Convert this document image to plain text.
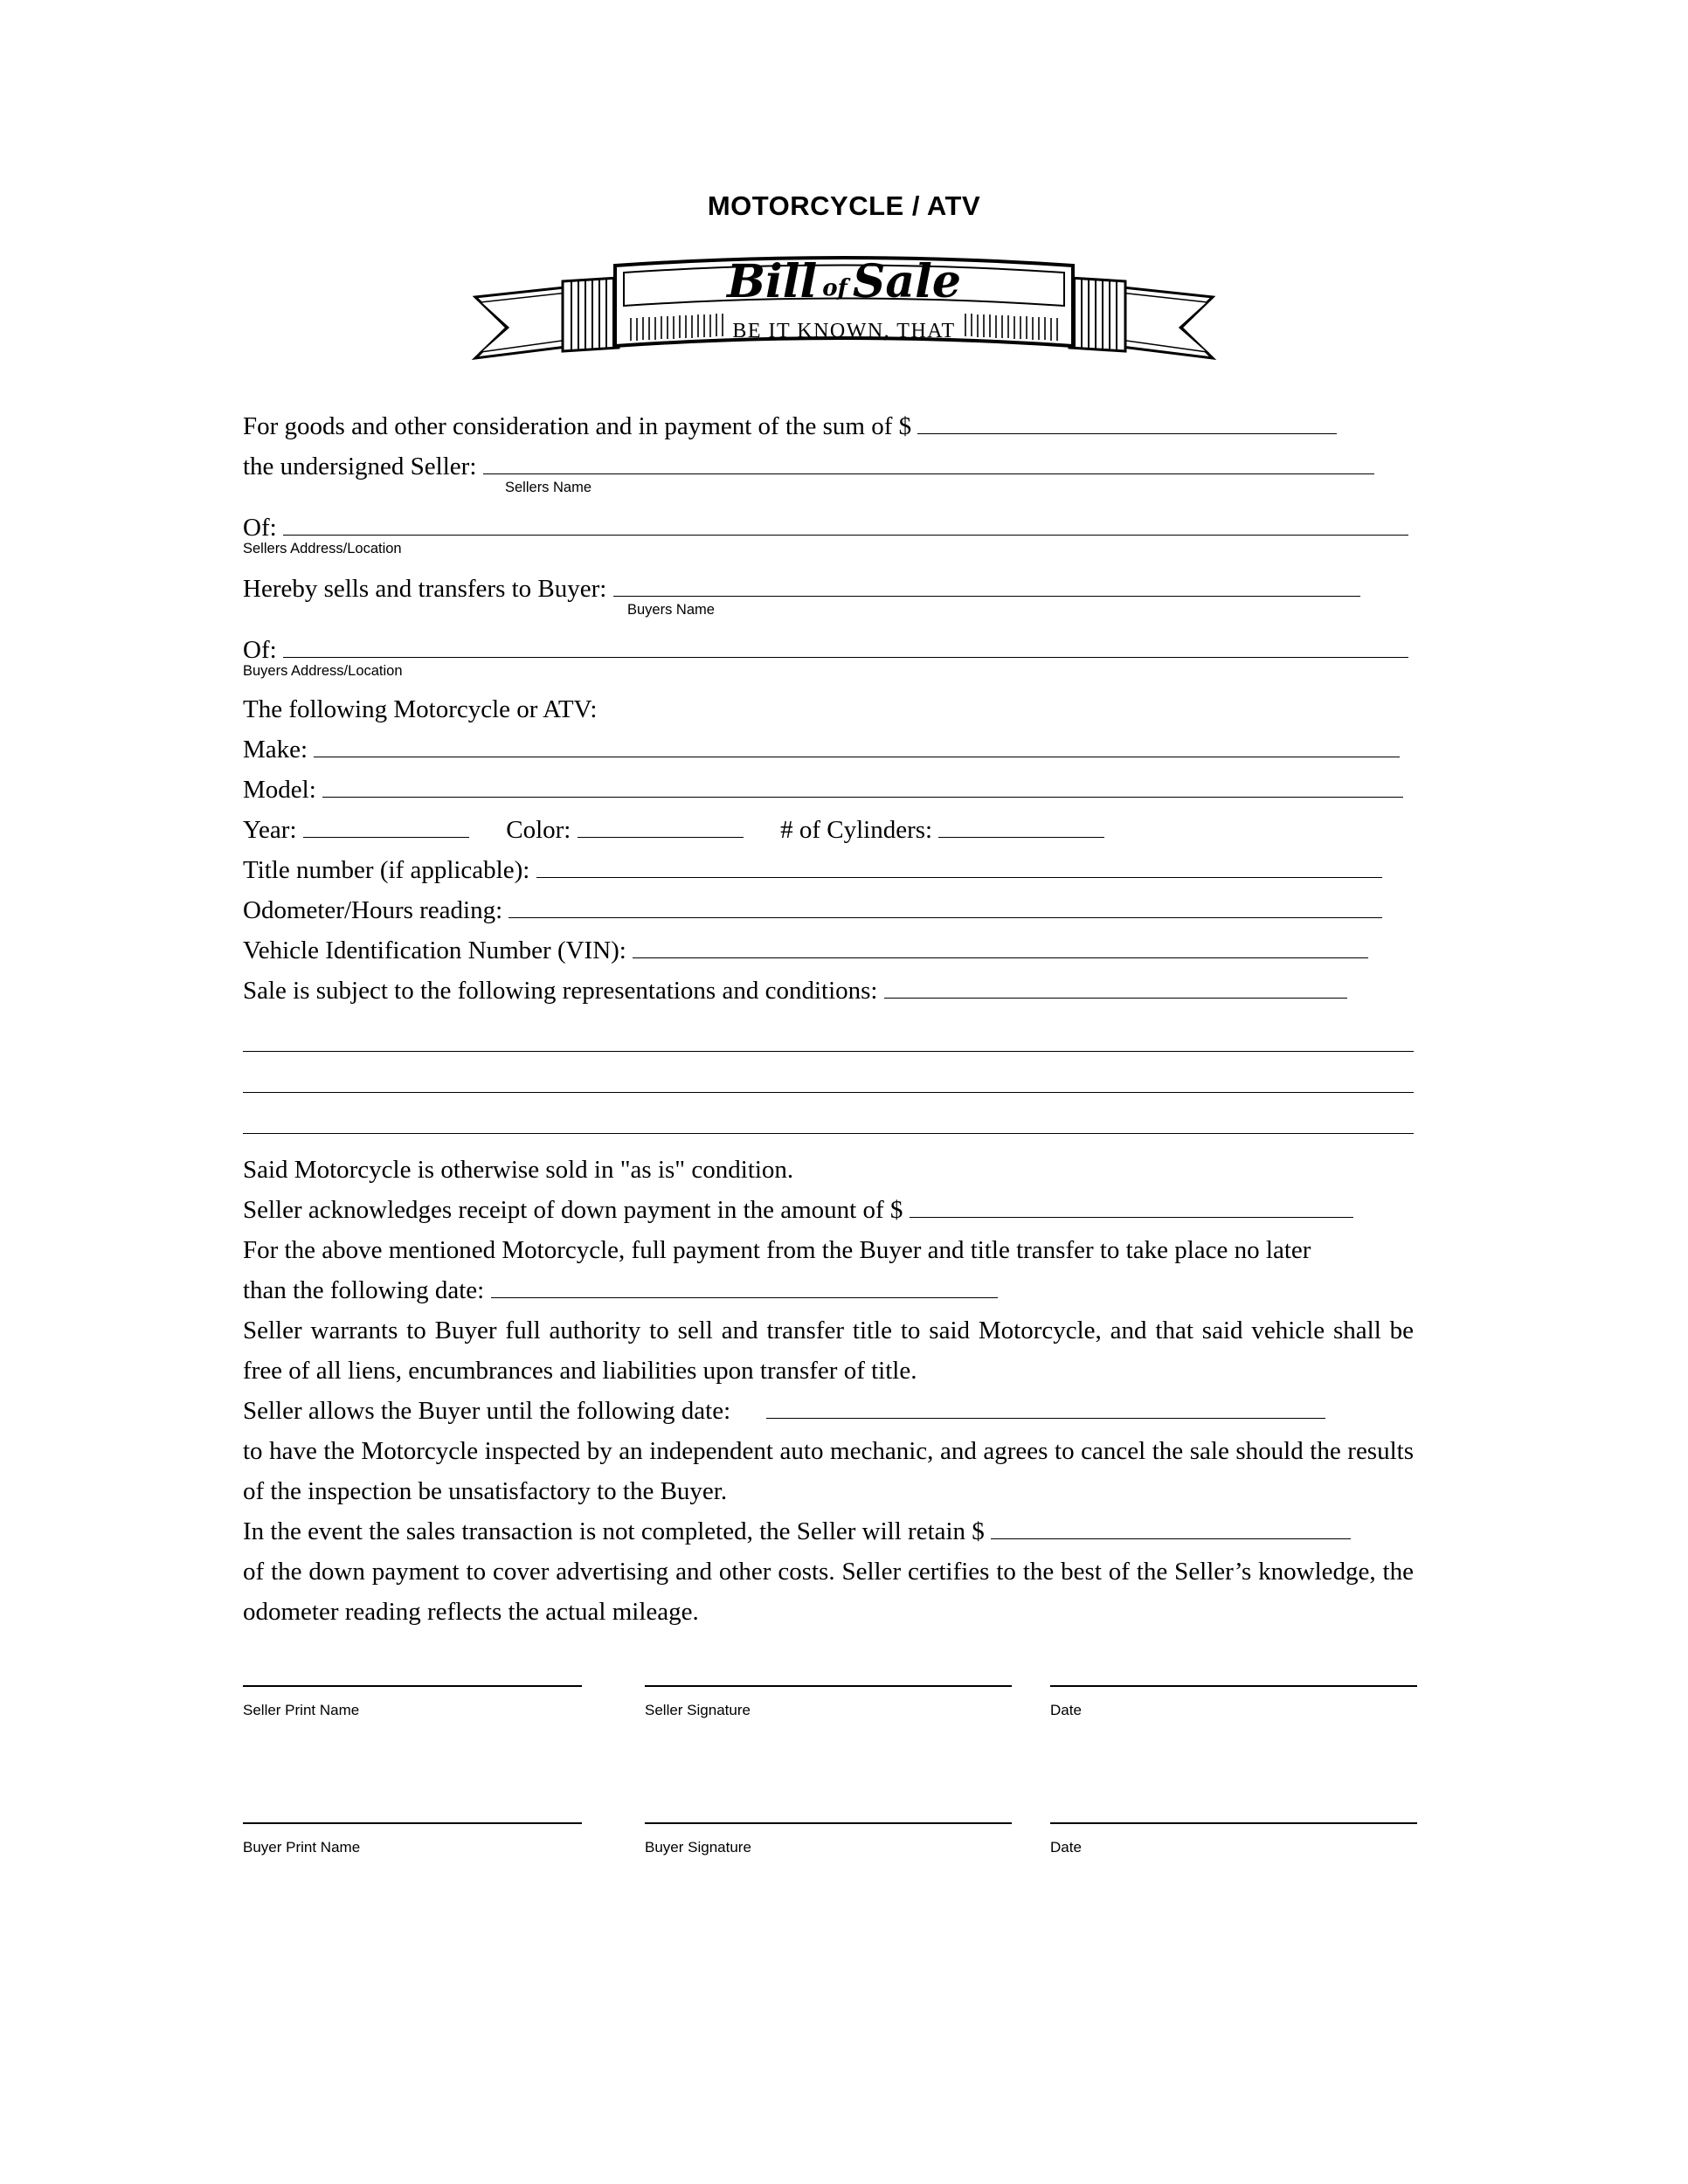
MOTORCYCLE / ATV
Bill of Sale
BE IT KNOWN, THAT
For goods and other consideration and in payment of the sum of $
the undersigned Seller:
Sellers Name
Of:
Sellers Address/Location
Hereby sells and transfers to Buyer:
Buyers Name
Of:
Buyers Address/Location
The following Motorcycle or ATV:
Make:
Model:
Year:	Color:	# of Cylinders:
Title number (if applicable):
Odometer/Hours reading:
Vehicle Identification Number (VIN):
Sale is subject to the following representations and conditions:
Said Motorcycle is otherwise sold in "as is" condition.
Seller acknowledges receipt of down payment in the amount of $
For the above mentioned Motorcycle, full payment from the Buyer and title transfer to take place no later
than the following date:
Seller warrants to Buyer full authority to sell and transfer title to said Motorcycle, and that said vehicle shall be free of all liens, encumbrances and liabilities upon transfer of title.
Seller allows the Buyer until the following date:
to have the Motorcycle inspected by an independent auto mechanic, and agrees to cancel the sale should the results of the inspection be unsatisfactory to the Buyer.
In the event the sales transaction is not completed, the Seller will retain $
of the down payment to cover advertising and other costs. Seller certifies to the best of the Seller’s knowledge, the odometer reading reflects the actual mileage.
Seller Print Name	Seller Signature	Date
Buyer Print Name	Buyer Signature	Date
